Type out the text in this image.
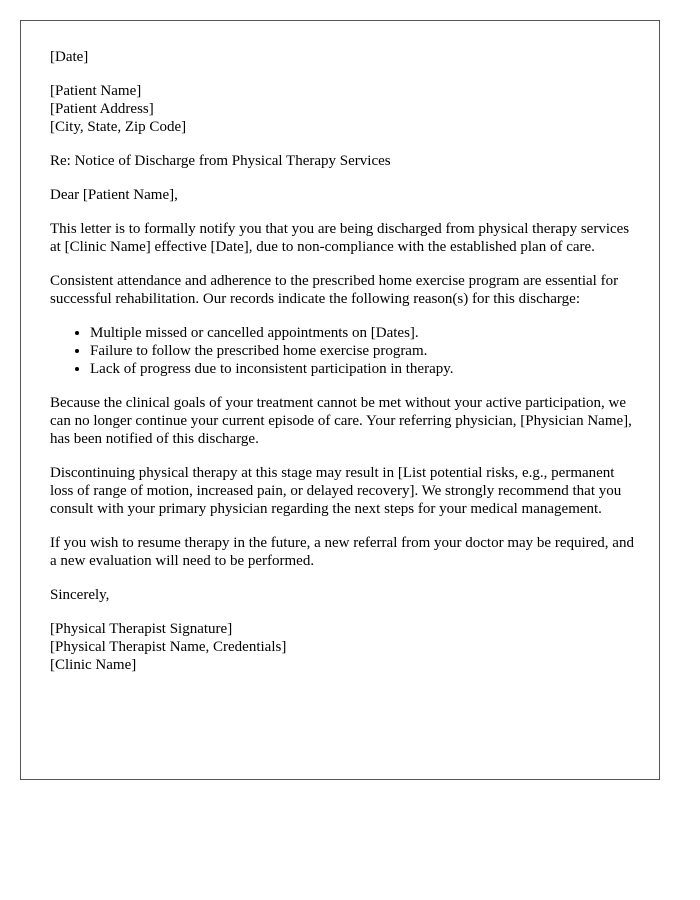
[Date]

[Patient Name]
[Patient Address]
[City, State, Zip Code]

Re: Notice of Discharge from Physical Therapy Services

Dear [Patient Name],

This letter is to formally notify you that you are being discharged from physical therapy services at [Clinic Name] effective [Date], due to non-compliance with the established plan of care.

Consistent attendance and adherence to the prescribed home exercise program are essential for successful rehabilitation. Our records indicate the following reason(s) for this discharge:

• Multiple missed or cancelled appointments on [Dates].
• Failure to follow the prescribed home exercise program.
• Lack of progress due to inconsistent participation in therapy.

Because the clinical goals of your treatment cannot be met without your active participation, we can no longer continue your current episode of care. Your referring physician, [Physician Name], has been notified of this discharge.

Discontinuing physical therapy at this stage may result in [List potential risks, e.g., permanent loss of range of motion, increased pain, or delayed recovery]. We strongly recommend that you consult with your primary physician regarding the next steps for your medical management.

If you wish to resume therapy in the future, a new referral from your doctor may be required, and a new evaluation will need to be performed.

Sincerely,

[Physical Therapist Signature]
[Physical Therapist Name, Credentials]
[Clinic Name]
